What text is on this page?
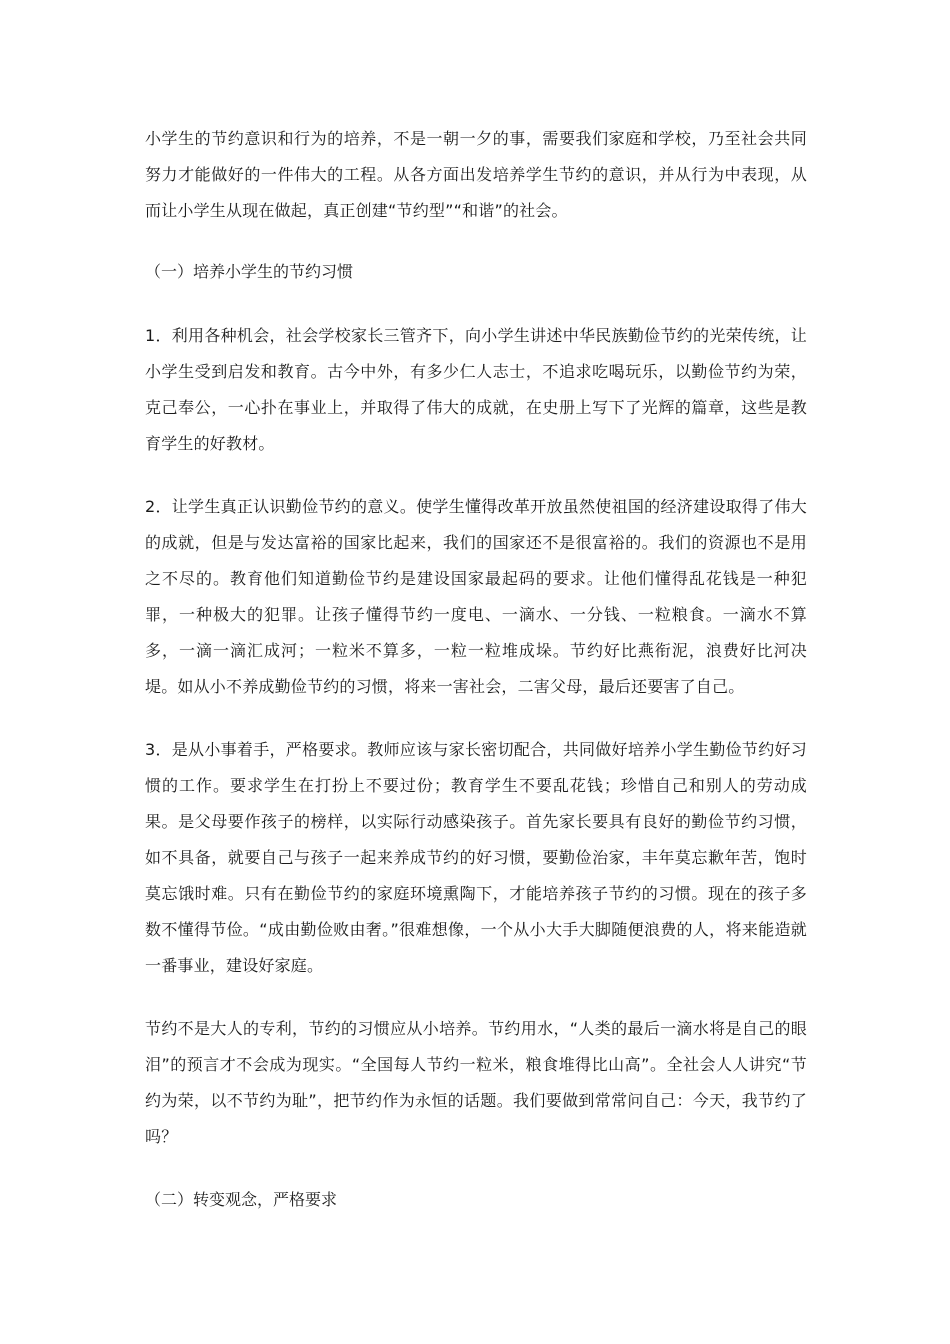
小学生的节约意识和行为的培养，不是一朝一夕的事，需要我们家庭和学校，乃至社会共同努力才能做好的一件伟大的工程。从各方面出发培养学生节约的意识，并从行为中表现，从而让小学生从现在做起，真正创建“节约型”“和谐”的社会。

（一）培养小学生的节约习惯

1．利用各种机会，社会学校家长三管齐下，向小学生讲述中华民族勤俭节约的光荣传统，让小学生受到启发和教育。古今中外，有多少仁人志士，不追求吃喝玩乐，以勤俭节约为荣，克己奉公，一心扑在事业上，并取得了伟大的成就，在史册上写下了光辉的篇章，这些是教育学生的好教材。

2．让学生真正认识勤俭节约的意义。使学生懂得改革开放虽然使祖国的经济建设取得了伟大的成就，但是与发达富裕的国家比起来，我们的国家还不是很富裕的。我们的资源也不是用之不尽的。教育他们知道勤俭节约是建设国家最起码的要求。让他们懂得乱花钱是一种犯罪，一种极大的犯罪。让孩子懂得节约一度电、一滴水、一分钱、一粒粮食。一滴水不算多，一滴一滴汇成河；一粒米不算多，一粒一粒堆成垛。节约好比燕衔泥，浪费好比河决堤。如从小不养成勤俭节约的习惯，将来一害社会，二害父母，最后还要害了自己。

3．是从小事着手，严格要求。教师应该与家长密切配合，共同做好培养小学生勤俭节约好习惯的工作。要求学生在打扮上不要过份；教育学生不要乱花钱；珍惜自己和别人的劳动成果。是父母要作孩子的榜样，以实际行动感染孩子。首先家长要具有良好的勤俭节约习惯，如不具备，就要自己与孩子一起来养成节约的好习惯，要勤俭治家，丰年莫忘歉年苦，饱时莫忘饿时难。只有在勤俭节约的家庭环境熏陶下，才能培养孩子节约的习惯。现在的孩子多数不懂得节俭。“成由勤俭败由奢。”很难想像，一个从小大手大脚随便浪费的人，将来能造就一番事业，建设好家庭。

节约不是大人的专利，节约的习惯应从小培养。节约用水，“人类的最后一滴水将是自己的眼泪”的预言才不会成为现实。“全国每人节约一粒米，粮食堆得比山高”。全社会人人讲究“节约为荣，以不节约为耻”，把节约作为永恒的话题。我们要做到常常问自己：今天，我节约了吗？

（二）转变观念，严格要求
